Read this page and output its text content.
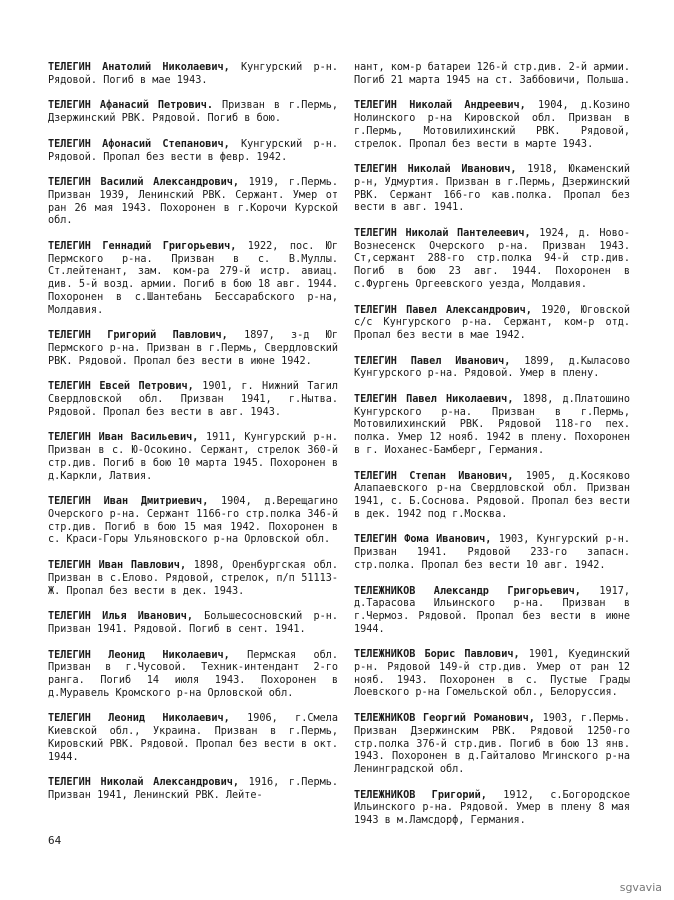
ТЕЛЕГИН Анатолий Николаевич, Кунгурский р-н. Рядовой. Погиб в мае 1943.

ТЕЛЕГИН Афанасий Петрович. Призван в г.Пермь, Дзержинский РВК. Рядовой. Погиб в бою.

ТЕЛЕГИН Афонасий Степанович, Кунгурский р-н. Рядовой. Пропал без вести в февр. 1942.

ТЕЛЕГИН Василий Александрович, 1919, г.Пермь. Призван 1939, Ленинский РВК. Сержант. Умер от ран 26 мая 1943. Похоронен в г.Корочи Курской обл.

ТЕЛЕГИН Геннадий Григорьевич, 1922, пос. Юг Пермского р-на. Призван в с. В.Муллы. Ст.лейтенант, зам. ком-ра 279-й истр. авиац. див. 5-й возд. армии. Погиб в бою 18 авг. 1944. Похоронен в с.Шантебань Бессарабского р-на, Молдавия.

ТЕЛЕГИН Григорий Павлович, 1897, з-д Юг Пермского р-на. Призван в г.Пермь, Свердловский РВК. Рядовой. Пропал без вести в июне 1942.

ТЕЛЕГИН Евсей Петрович, 1901, г. Нижний Тагил Свердловской обл. Призван 1941, г.Нытва. Рядовой. Пропал без вести в авг. 1943.

ТЕЛЕГИН Иван Васильевич, 1911, Кунгурский р-н. Призван в с. Ю-Осокино. Сержант, стрелок 360-й стр.див. Погиб в бою 10 марта 1945. Похоронен в д.Каркли, Латвия.

ТЕЛЕГИН Иван Дмитриевич, 1904, д.Верещагино Очерского р-на. Сержант 1166-го стр.полка 346-й стр.див. Погиб в бою 15 мая 1942. Похоронен в с. Краси-Горы Ульяновского р-на Орловской обл.

ТЕЛЕГИН Иван Павлович, 1898, Оренбургская обл. Призван в с.Елово. Рядовой, стрелок, п/п 51113-Ж. Пропал без вести в дек. 1943.

ТЕЛЕГИН Илья Иванович, Большесосновский р-н. Призван 1941. Рядовой. Погиб в сент. 1941.

ТЕЛЕГИН Леонид Николаевич, Пермская обл. Призван в г.Чусовой. Техник-интендант 2-го ранга. Погиб 14 июля 1943. Похоронен в д.Муравель Кромского р-на Орловской обл.

ТЕЛЕГИН Леонид Николаевич, 1906, г.Смела Киевской обл., Украина. Призван в г.Пермь, Кировский РВК. Рядовой. Пропал без вести в окт. 1944.

ТЕЛЕГИН Николай Александрович, 1916, г.Пермь. Призван 1941, Ленинский РВК. Лейте-

нант, ком-р батареи 126-й стр.див. 2-й армии. Погиб 21 марта 1945 на ст. Заббовичи, Польша.

ТЕЛЕГИН Николай Андреевич, 1904, д.Козино Нолинского р-на Кировской обл. Призван в г.Пермь, Мотовилихинский РВК. Рядовой, стрелок. Пропал без вести в марте 1943.

ТЕЛЕГИН Николай Иванович, 1918, Юкаменский р-н, Удмуртия. Призван в г.Пермь, Дзержинский РВК. Сержант 166-го кав.полка. Пропал без вести в авг. 1941.

ТЕЛЕГИН Николай Пантелеевич, 1924, д. Ново-Вознесенск Очерского р-на. Призван 1943. Ст,сержант 288-го стр.полка 94-й стр.див. Погиб в бою 23 авг. 1944. Похоронен в с.Фургень Оргеевского уезда, Молдавия.

ТЕЛЕГИН Павел Александрович, 1920, Юговской с/с Кунгурского р-на. Сержант, ком-р отд. Пропал без вести в мае 1942.

ТЕЛЕГИН Павел Иванович, 1899, д.Кыласово Кунгурского р-на. Рядовой. Умер в плену.

ТЕЛЕГИН Павел Николаевич, 1898, д.Платошино Кунгурского р-на. Призван в г.Пермь, Мотовилихинский РВК. Рядовой 118-го пех. полка. Умер 12 нояб. 1942 в плену. Похоронен в г. Иоханес-Бамберг, Германия.

ТЕЛЕГИН Степан Иванович, 1905, д.Косяково Алапаевского р-на Свердловской обл. Призван 1941, с. Б.Соснова. Рядовой. Пропал без вести в дек. 1942 под г.Москва.

ТЕЛЕГИН Фома Иванович, 1903, Кунгурский р-н. Призван 1941. Рядовой 233-го запасн. стр.полка. Пропал без вести 10 авг. 1942.

ТЕЛЕЖНИКОВ Александр Григорьевич, 1917, д.Тарасова Ильинского р-на. Призван в г.Чермоз. Рядовой. Пропал без вести в июне 1944.

ТЕЛЕЖНИКОВ Борис Павлович, 1901, Куединский р-н. Рядовой 149-й стр.див. Умер от ран 12 нояб. 1943. Похоронен в с. Пустые Грады Лоевского р-на Гомельской обл., Белоруссия.

ТЕЛЕЖНИКОВ Георгий Романович, 1903, г.Пермь. Призван Дзержинским РВК. Рядовой 1250-го стр.полка 376-й стр.див. Погиб в бою 13 янв. 1943. Похоронен в д.Гайталово Мгинского р-на Ленинградской обл.

ТЕЛЕЖНИКОВ Григорий, 1912, с.Богородское Ильинского р-на. Рядовой. Умер в плену 8 мая 1943 в м.Ламсдорф, Германия.

64
sgvavia
